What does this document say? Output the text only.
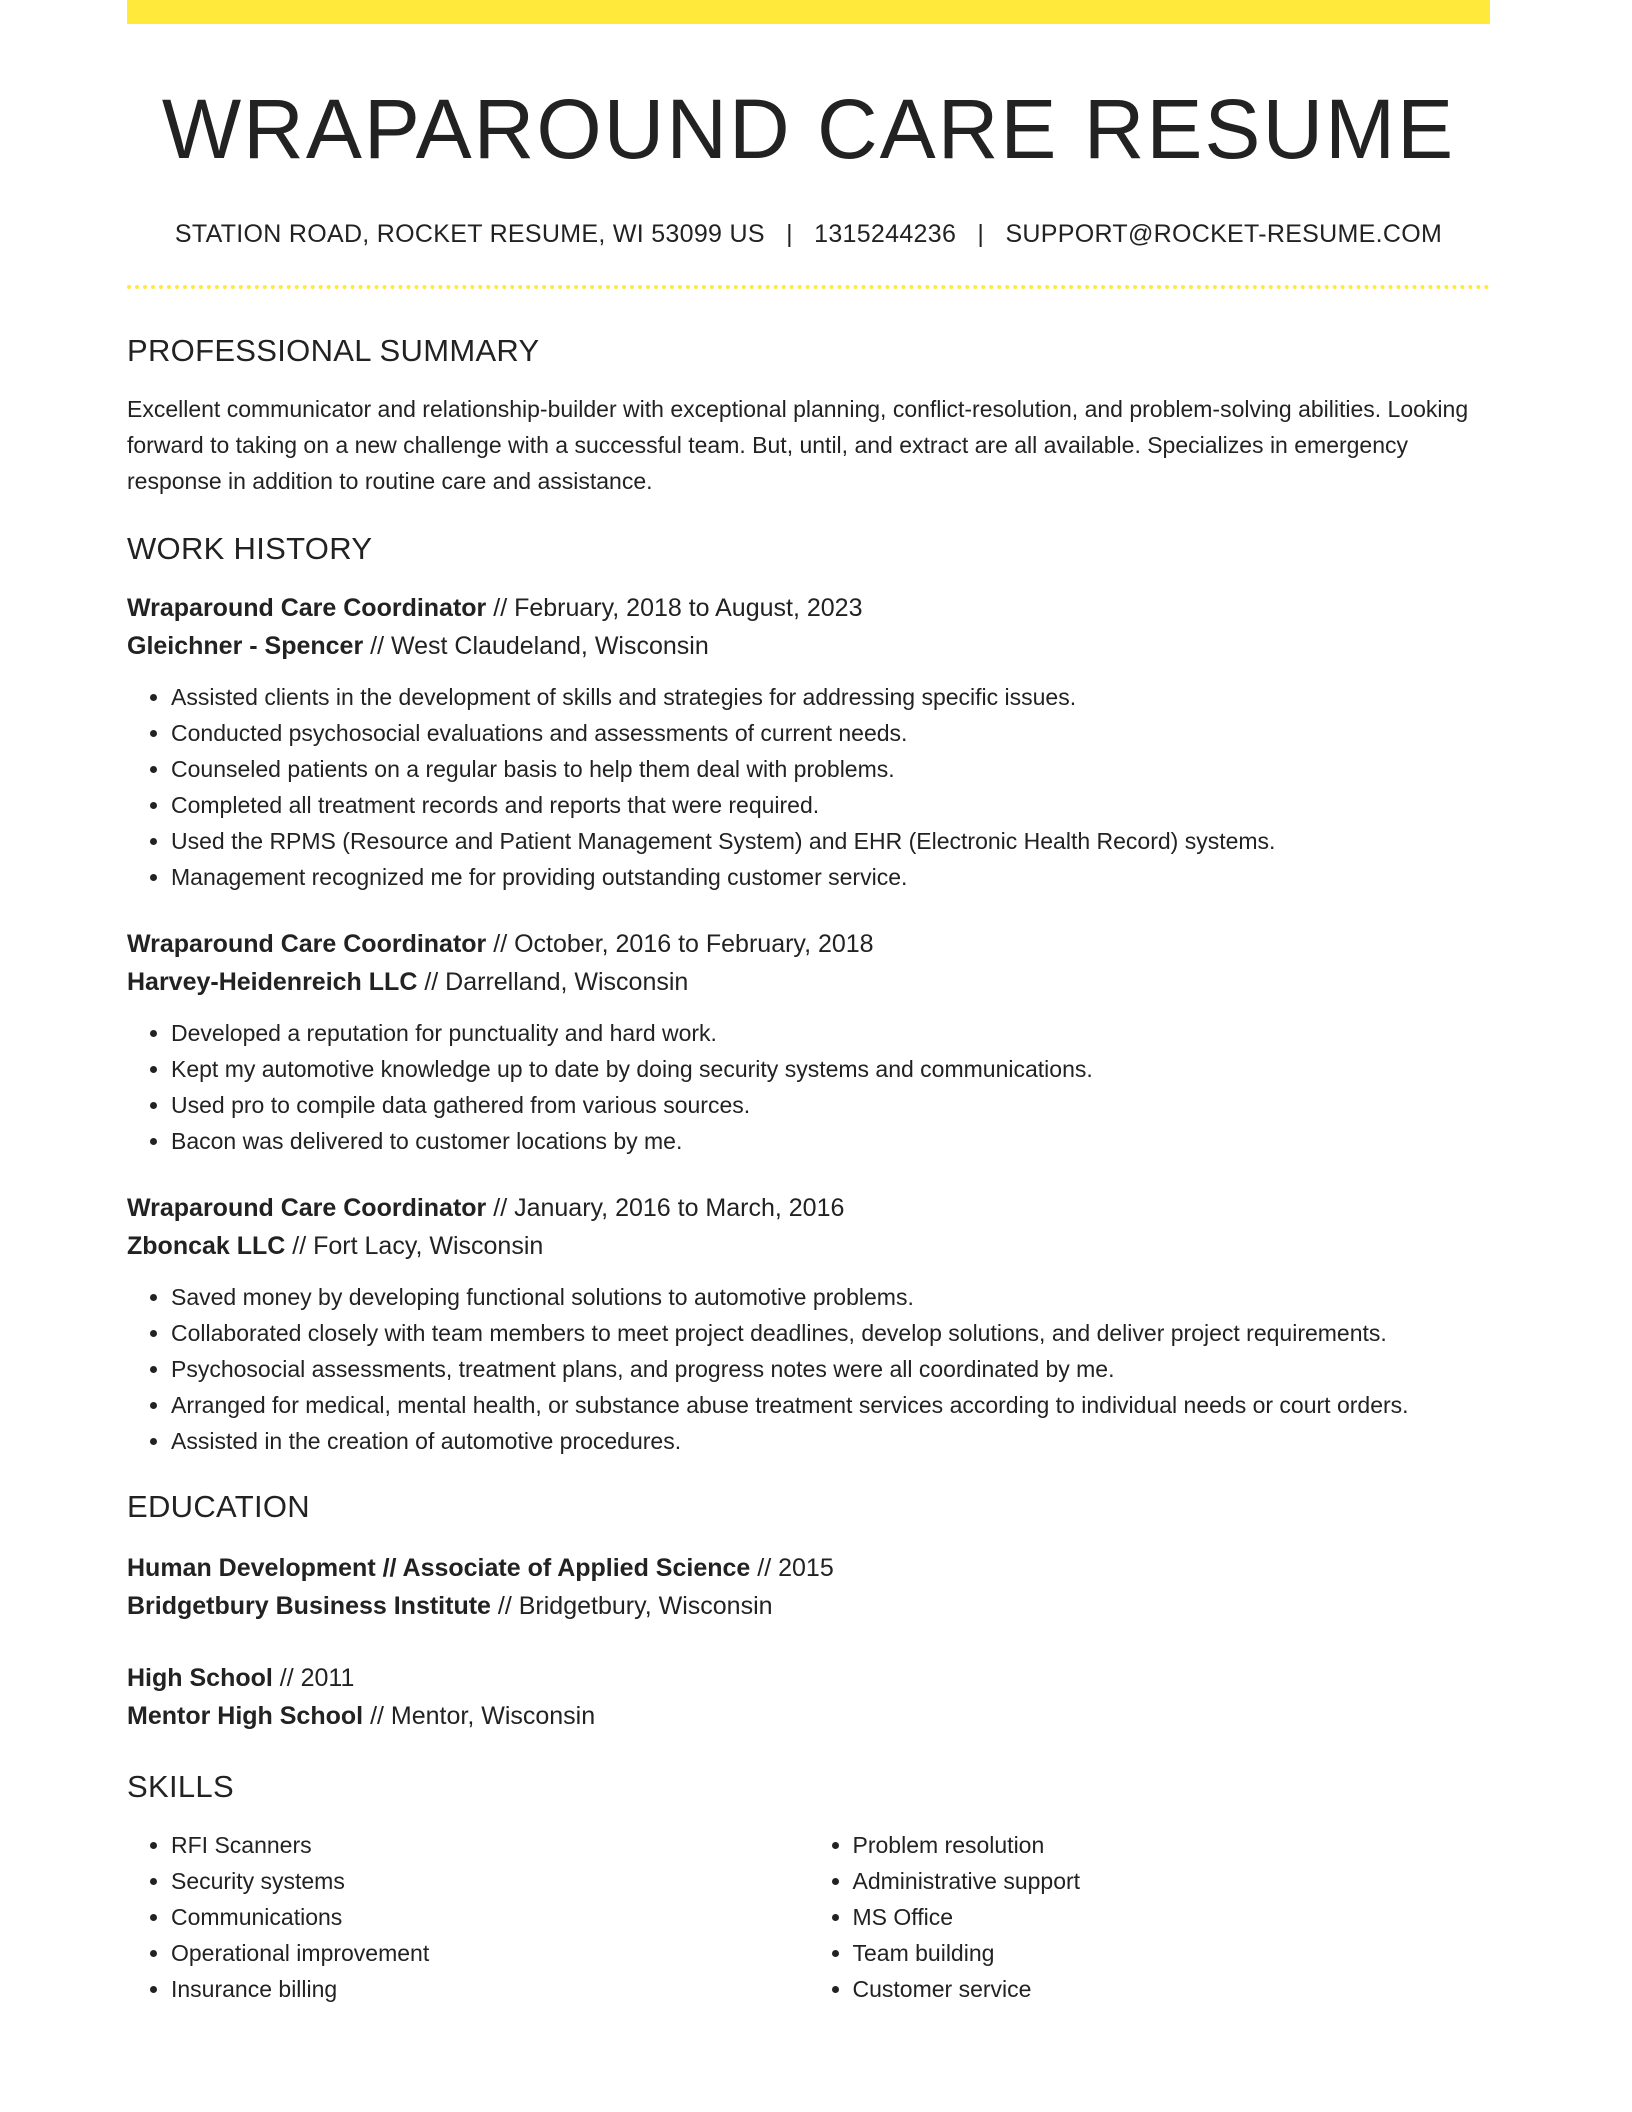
WRAPAROUND CARE RESUME
STATION ROAD, ROCKET RESUME, WI 53099 US | 1315244236 | SUPPORT@ROCKET-RESUME.COM
PROFESSIONAL SUMMARY

Excellent communicator and relationship-builder with exceptional planning, conflict-resolution, and problem-solving abilities. Looking forward to taking on a new challenge with a successful team. But, until, and extract are all available. Specializes in emergency response in addition to routine care and assistance.

WORK HISTORY
Wraparound Care Coordinator // February, 2018 to August, 2023
Gleichner - Spencer // West Claudeland, Wisconsin
• Assisted clients in the development of skills and strategies for addressing specific issues.
• Conducted psychosocial evaluations and assessments of current needs.
• Counseled patients on a regular basis to help them deal with problems.
• Completed all treatment records and reports that were required.
• Used the RPMS (Resource and Patient Management System) and EHR (Electronic Health Record) systems.
• Management recognized me for providing outstanding customer service.
Wraparound Care Coordinator // October, 2016 to February, 2018
Harvey-Heidenreich LLC // Darrelland, Wisconsin
• Developed a reputation for punctuality and hard work.
• Kept my automotive knowledge up to date by doing security systems and communications.
• Used pro to compile data gathered from various sources.
• Bacon was delivered to customer locations by me.
Wraparound Care Coordinator // January, 2016 to March, 2016
Zboncak LLC // Fort Lacy, Wisconsin
• Saved money by developing functional solutions to automotive problems.
• Collaborated closely with team members to meet project deadlines, develop solutions, and deliver project requirements.
• Psychosocial assessments, treatment plans, and progress notes were all coordinated by me.
• Arranged for medical, mental health, or substance abuse treatment services according to individual needs or court orders.
• Assisted in the creation of automotive procedures.
EDUCATION
Human Development // Associate of Applied Science // 2015
Bridgetbury Business Institute // Bridgetbury, Wisconsin
High School // 2011
Mentor High School // Mentor, Wisconsin
SKILLS
• RFI Scanners
• Security systems
• Communications
• Operational improvement
• Insurance billing
• Problem resolution
• Administrative support
• MS Office
• Team building
• Customer service
